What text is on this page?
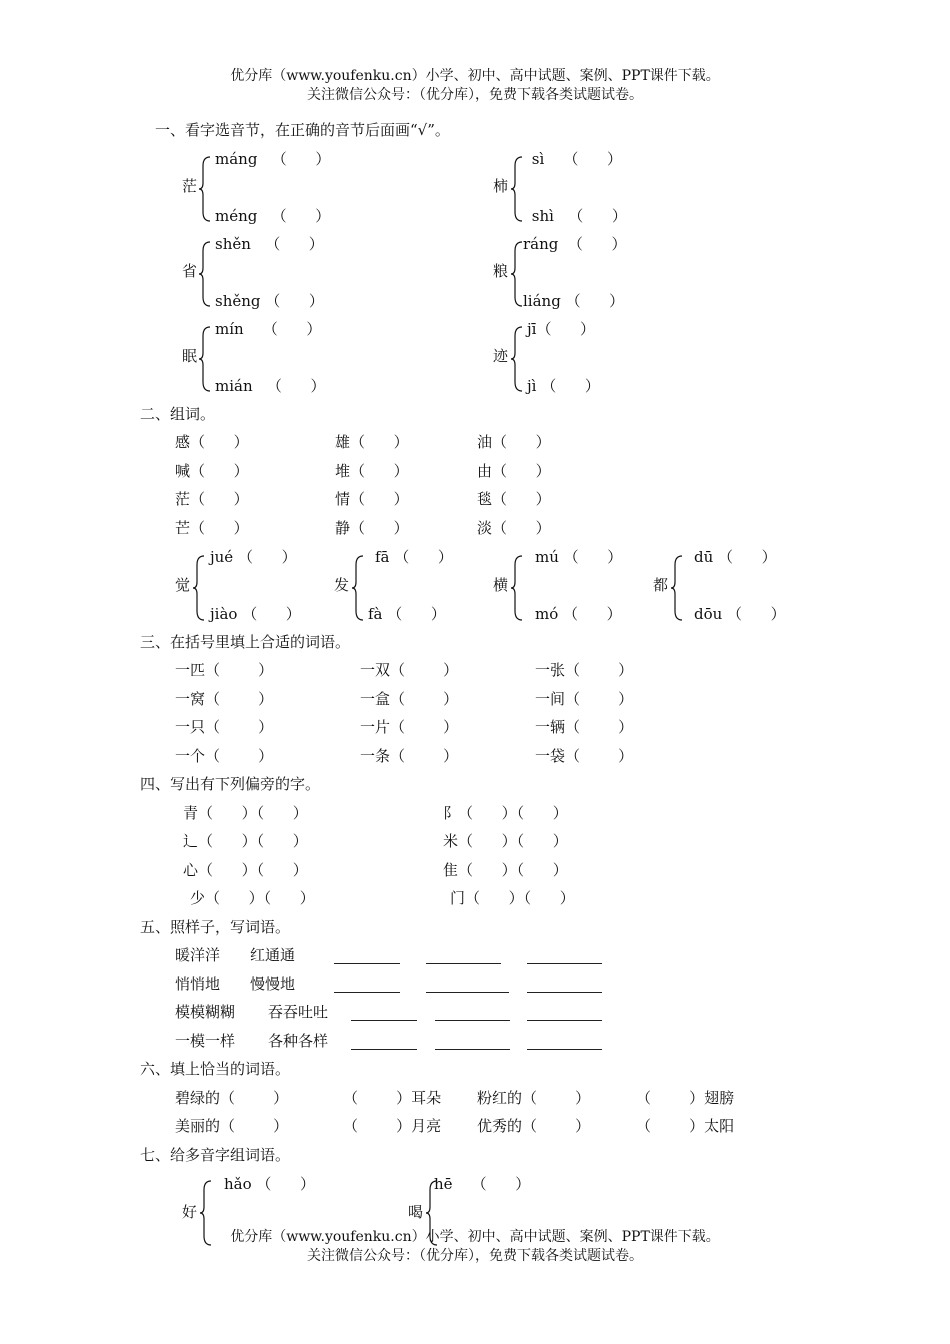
优分库（www.youfenku.cn）小学、初中、高中试题、案例、PPT课件下载。
关注微信公众号：（优分库），免费下载各类试题试卷。
一、看字选音节，在正确的音节后面画“√”。
茫
máng   （      ）
méng   （      ）
柿
sì    （      ）
shì   （      ）
省
shěn   （      ）
shěng （      ）
粮
ráng  （      ）
liáng （      ）
眠
mín    （      ）
mián   （      ）
迹
jī（      ）
jì （      ）
二、组词。
感（      ）	雄（      ）	油（      ）
喊（      ）	堆（      ）	由（      ）
茫（      ）	情（      ）	毯（      ）
芒（      ）	静（      ）	淡（      ）
觉
jué （      ）
jiào （      ）
发
fā （      ）
fà （      ）
横
mú （      ）
mó （      ）
都
dū （      ）
dōu （      ）
三、在括号里填上合适的词语。
一匹（        ）	一双（        ）	一张（        ）
一窝（        ）	一盒（        ）	一间（        ）
一只（        ）	一片（        ）	一辆（        ）
一个（        ）	一条（        ）	一袋（        ）
四、写出有下列偏旁的字。
青（      ）（      ）	阝（      ）（      ）
辶（      ）（      ）	米（      ）（      ）
心（      ）（      ）	隹（      ）（      ）
少（      ）（      ）	门（      ）（      ）
五、照样子，写词语。
暖洋洋 红通通
悄悄地 慢慢地
模模糊糊 吞吞吐吐
一模一样 各种各样
六、填上恰当的词语。
碧绿的（        ）	（        ）耳朵 粉红的（        ）	（        ）翅膀
美丽的（        ）	（        ）月亮 优秀的（        ）	（        ）太阳
七、给多音字组词语。
好
hǎo （      ）
喝
hē    （      ）
优分库（www.youfenku.cn）小学、初中、高中试题、案例、PPT课件下载。
关注微信公众号：（优分库），免费下载各类试题试卷。
